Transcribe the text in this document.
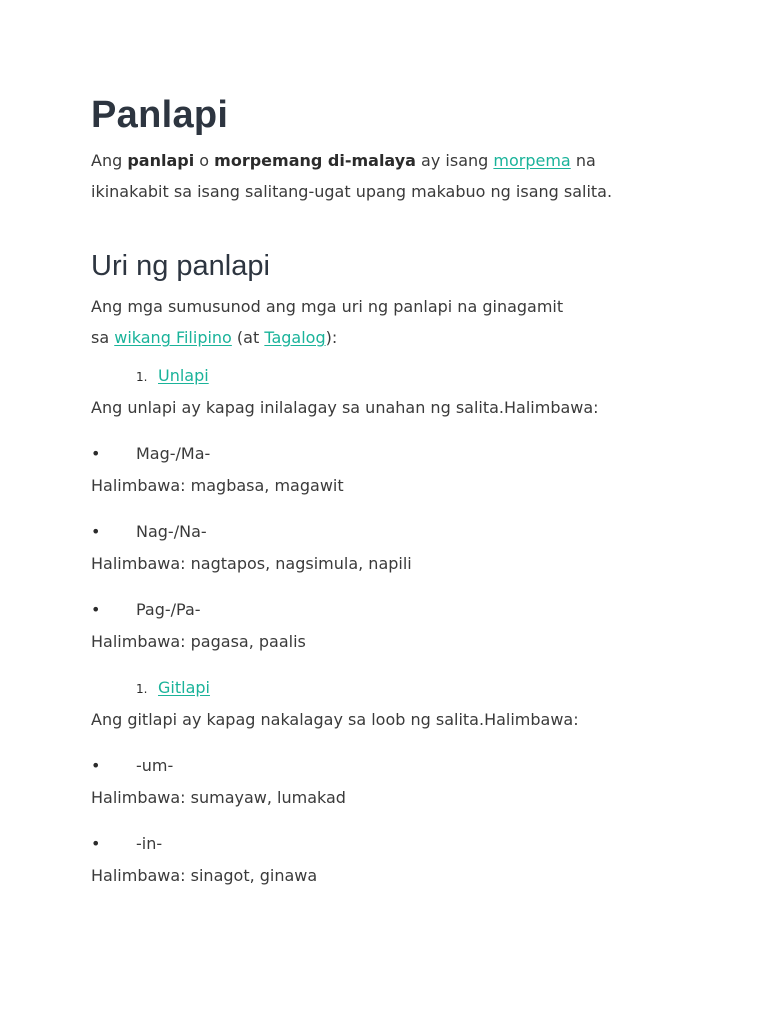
Panlapi

Ang panlapi o morpemang di-malaya ay isang morpema na
ikinakabit sa isang salitang-ugat upang makabuo ng isang salita.

Uri ng panlapi

Ang mga sumusunod ang mga uri ng panlapi na ginagamit
sa wikang Filipino (at Tagalog):

1. Unlapi

Ang unlapi ay kapag inilalagay sa unahan ng salita.Halimbawa:

• Mag-/Ma-

Halimbawa: magbasa, magawit

• Nag-/Na-

Halimbawa: nagtapos, nagsimula, napili

• Pag-/Pa-

Halimbawa: pagasa, paalis

1. Gitlapi

Ang gitlapi ay kapag nakalagay sa loob ng salita.Halimbawa:

• -um-

Halimbawa: sumayaw, lumakad

• -in-

Halimbawa: sinagot, ginawa
